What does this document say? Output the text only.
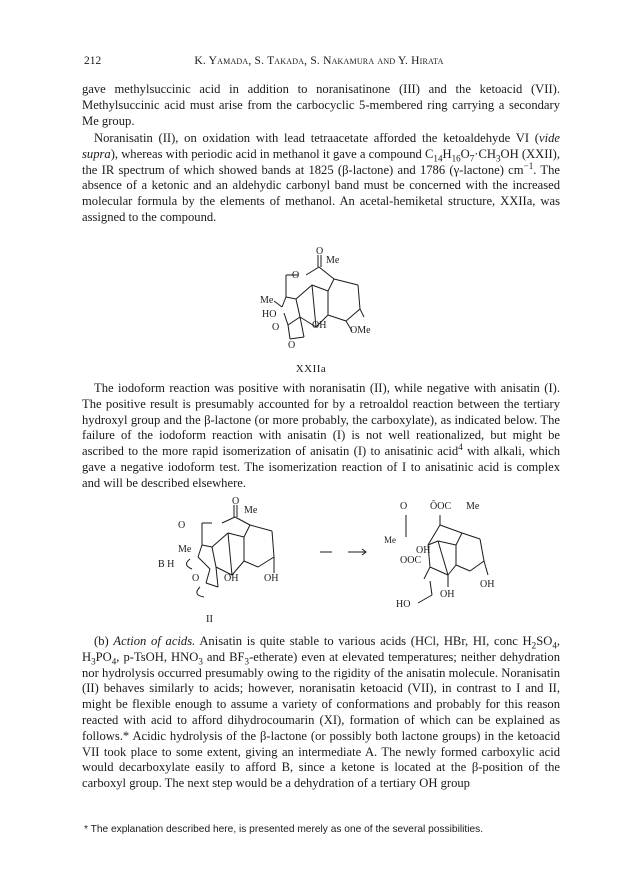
212	K. Yamada, S. Takada, S. Nakamura and Y. Hirata

gave methylsuccinic acid in addition to noranisatinone (III) and the ketoacid (VII). Methylsuccinic acid must arise from the carbocyclic 5-membered ring carrying a secondary Me group.

Noranisatin (II), on oxidation with lead tetraacetate afforded the ketoaldehyde VI (vide supra), whereas with periodic acid in methanol it gave a compound $C_{14}H_{16}O_7\cdot CH_3OH$ (XXII), the IR spectrum of which showed bands at 1825 (β-lactone) and 1786 (γ-lactone) $cm^{-1}$. The absence of a ketonic and an aldehydic carbonyl band must be concerned with the increased molecular formula by the elements of methanol. An acetal-hemiketal structure, XXIIa, was assigned to the compound.

O
Me
O
Me
HO
O	OH OMe
O
XXIIa

The iodoform reaction was positive with noranisatin (II), while negative with anisatin (I). The positive result is presumably accounted for by a retroaldol reaction between the tertiary hydroxyl group and the β-lactone (or more probably, the carboxylate), as indicated below. The failure of the iodoform reaction with anisatin (I) is not well reationalized, but might be ascribed to the more rapid isomerization of anisatin (I) to anisatinic acid$^4$ with alkali, which gave a negative iodoform test. The isomerization reaction of I to anisatinic acid is complex and will be described elsewhere.

O
Me
O
Me
B H
O OH	OH
II
O ŌOC Me
Me
OH
OOC
OH
OH
HO

(b) Action of acids. Anisatin is quite stable to various acids (HCl, HBr, HI, conc $H_2SO_4$, $H_3PO_4$, p-TsOH, $HNO_3$ and $BF_3-etherate$) even at elevated temperatures; neither dehydration nor hydrolysis occurred presumably owing to the rigidity of the anisatin molecule. Noranisatin (II) behaves similarly to acids; however, noranisatin ketoacid (VII), in contrast to I and II, might be flexible enough to assume a variety of conformations and probably for this reason reacted with acid to afford dihydrocoumarin (XI), formation of which can be explained as follows.* Acidic hydrolysis of the β-lactone (or possibly both lactone groups) in the ketoacid VII took place to some extent, giving an intermediate A. The newly formed carboxylic acid would decarboxylate easily to afford B, since a ketone is located at the β-position of the carboxyl group. The next step would be a dehydration of a tertiary OH group

* The explanation described here, is presented merely as one of the several possibilities.
